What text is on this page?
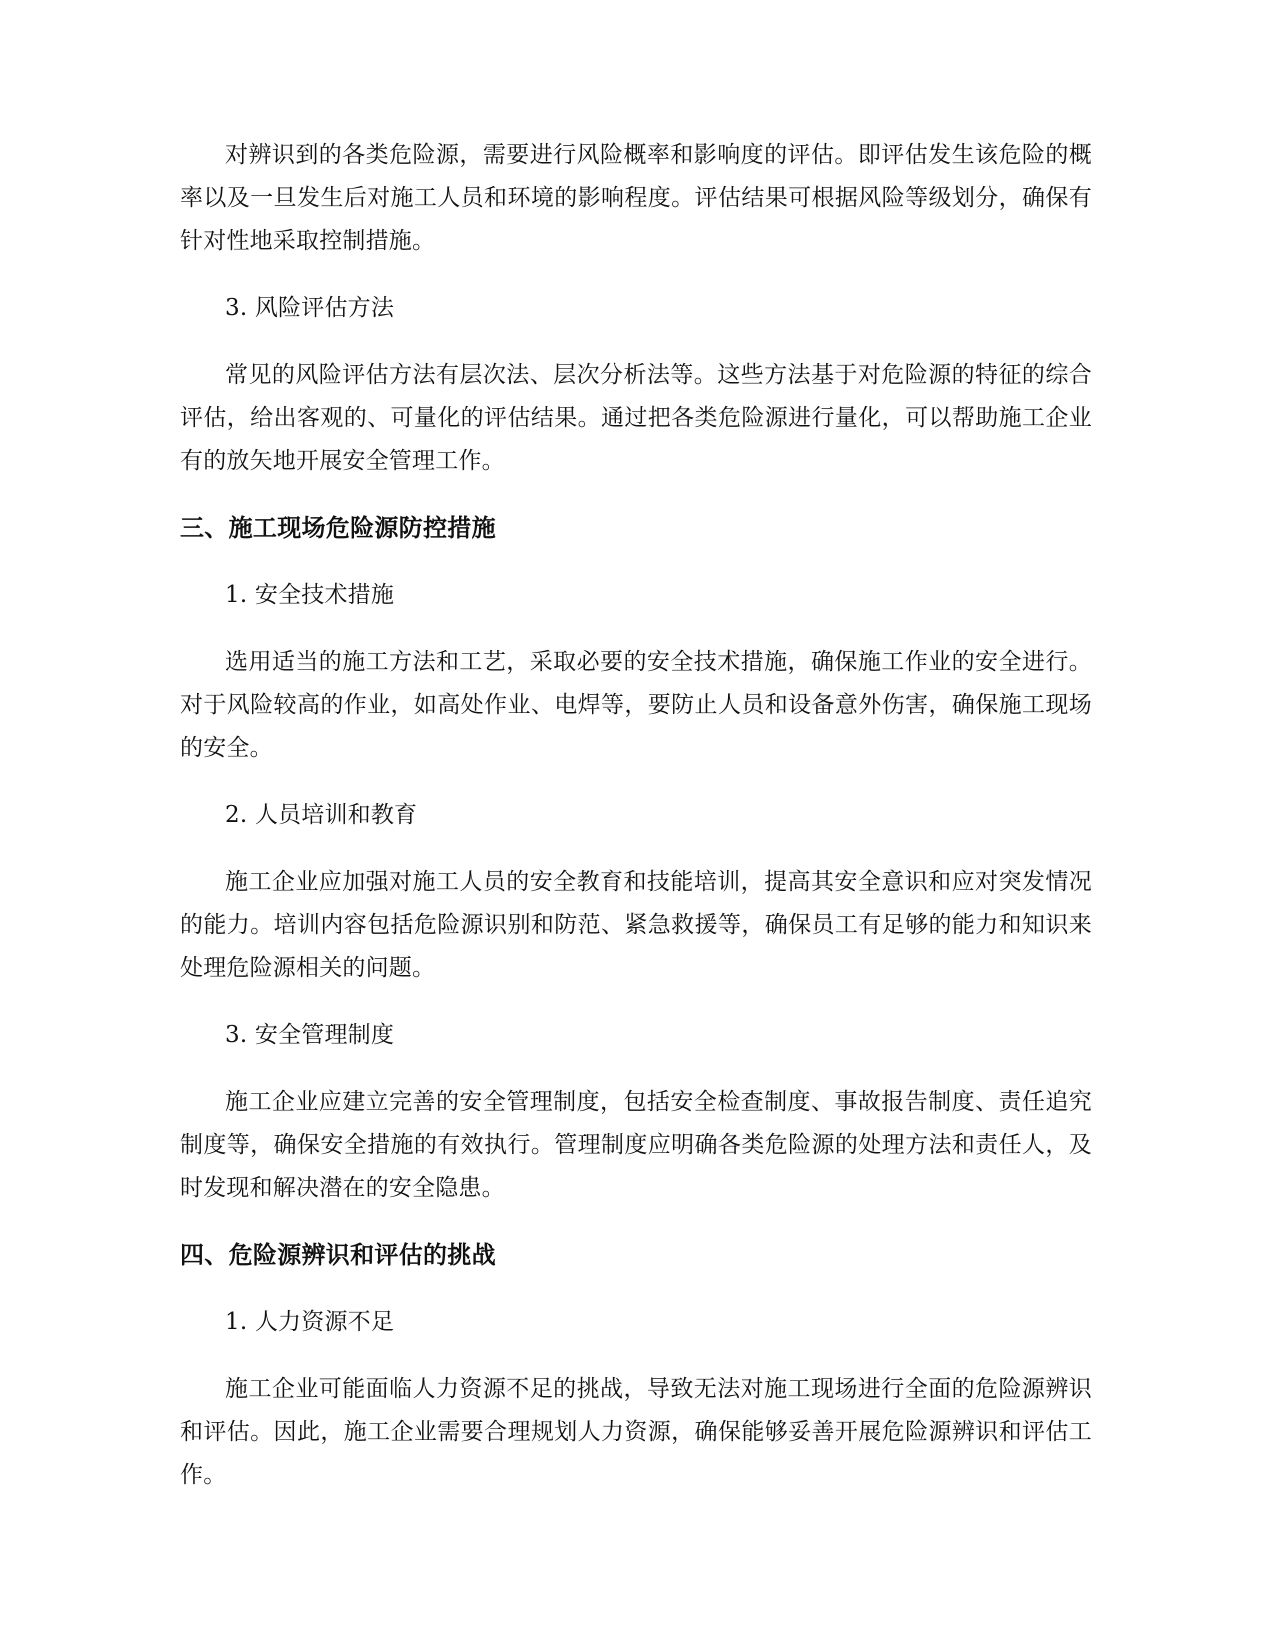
对辨识到的各类危险源，需要进行风险概率和影响度的评估。即评估发生该危险的概率以及一旦发生后对施工人员和环境的影响程度。评估结果可根据风险等级划分，确保有针对性地采取控制措施。

3. 风险评估方法

常见的风险评估方法有层次法、层次分析法等。这些方法基于对危险源的特征的综合评估，给出客观的、可量化的评估结果。通过把各类危险源进行量化，可以帮助施工企业有的放矢地开展安全管理工作。

三、施工现场危险源防控措施

1. 安全技术措施

选用适当的施工方法和工艺，采取必要的安全技术措施，确保施工作业的安全进行。对于风险较高的作业，如高处作业、电焊等，要防止人员和设备意外伤害，确保施工现场的安全。

2. 人员培训和教育

施工企业应加强对施工人员的安全教育和技能培训，提高其安全意识和应对突发情况的能力。培训内容包括危险源识别和防范、紧急救援等，确保员工有足够的能力和知识来处理危险源相关的问题。

3. 安全管理制度

施工企业应建立完善的安全管理制度，包括安全检查制度、事故报告制度、责任追究制度等，确保安全措施的有效执行。管理制度应明确各类危险源的处理方法和责任人，及时发现和解决潜在的安全隐患。

四、危险源辨识和评估的挑战

1. 人力资源不足

施工企业可能面临人力资源不足的挑战，导致无法对施工现场进行全面的危险源辨识和评估。因此，施工企业需要合理规划人力资源，确保能够妥善开展危险源辨识和评估工作。
